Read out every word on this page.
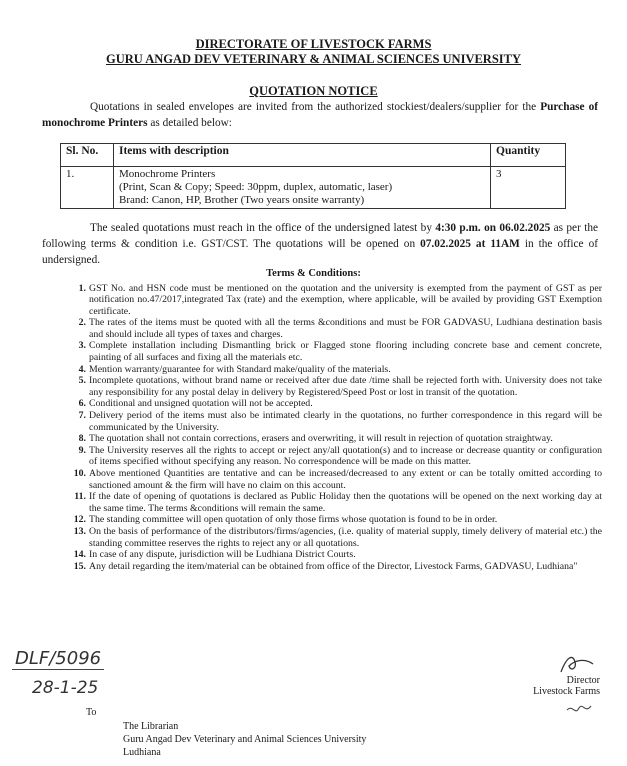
DIRECTORATE OF LIVESTOCK FARMS
GURU ANGAD DEV VETERINARY & ANIMAL SCIENCES UNIVERSITY
QUOTATION NOTICE
Quotations in sealed envelopes are invited from the authorized stockiest/dealers/supplier for the Purchase of monochrome Printers as detailed below:
Sl. No.	Items with description	Quantity
1.	Monochrome Printers
(Print, Scan & Copy; Speed: 30ppm, duplex, automatic, laser)
Brand: Canon, HP, Brother (Two years onsite warranty)	3
The sealed quotations must reach in the office of the undersigned latest by 4:30 p.m. on 06.02.2025 as per the following terms & condition i.e. GST/CST. The quotations will be opened on 07.02.2025 at 11AM in the office of undersigned.
Terms & Conditions:
1. GST No. and HSN code must be mentioned on the quotation and the university is exempted from the payment of GST as per notification no.47/2017,integrated Tax (rate) and the exemption, where applicable, will be availed by providing GST Exemption certificate.
2. The rates of the items must be quoted with all the terms &conditions and must be FOR GADVASU, Ludhiana destination basis and should include all types of taxes and charges.
3. Complete installation including Dismantling brick or Flagged stone flooring including concrete base and cement concrete, painting of all surfaces and fixing all the materials etc.
4. Mention warranty/guarantee for with Standard make/quality of the materials.
5. Incomplete quotations, without brand name or received after due date /time shall be rejected forth with. University does not take any responsibility for any postal delay in delivery by Registered/Speed Post or lost in transit of the quotation.
6. Conditional and unsigned quotation will not be accepted.
7. Delivery period of the items must also be intimated clearly in the quotations, no further correspondence in this regard will be communicated by the University.
8. The quotation shall not contain corrections, erasers and overwriting, it will result in rejection of quotation straightway.
9. The University reserves all the rights to accept or reject any/all quotation(s) and to increase or decrease quantity or configuration of items specified without specifying any reason. No correspondence will be made on this matter.
10. Above mentioned Quantities are tentative and can be increased/decreased to any extent or can be totally omitted according to sanctioned amount & the firm will have no claim on this account.
11. If the date of opening of quotations is declared as Public Holiday then the quotations will be opened on the next working day at the same time. The terms &conditions will remain the same.
12. The standing committee will open quotation of only those firms whose quotation is found to be in order.
13. On the basis of performance of the distributors/firms/agencies, (i.e. quality of material supply, timely delivery of material etc.) the standing committee reserves the rights to reject any or all quotations.
14. In case of any dispute, jurisdiction will be Ludhiana District Courts.
15. Any detail regarding the item/material can be obtained from office of the Director, Livestock Farms, GADVASU, Ludhiana"
DLF/5096
28-1-25	Director
Livestock Farms
To
The Librarian
Guru Angad Dev Veterinary and Animal Sciences University
Ludhiana
